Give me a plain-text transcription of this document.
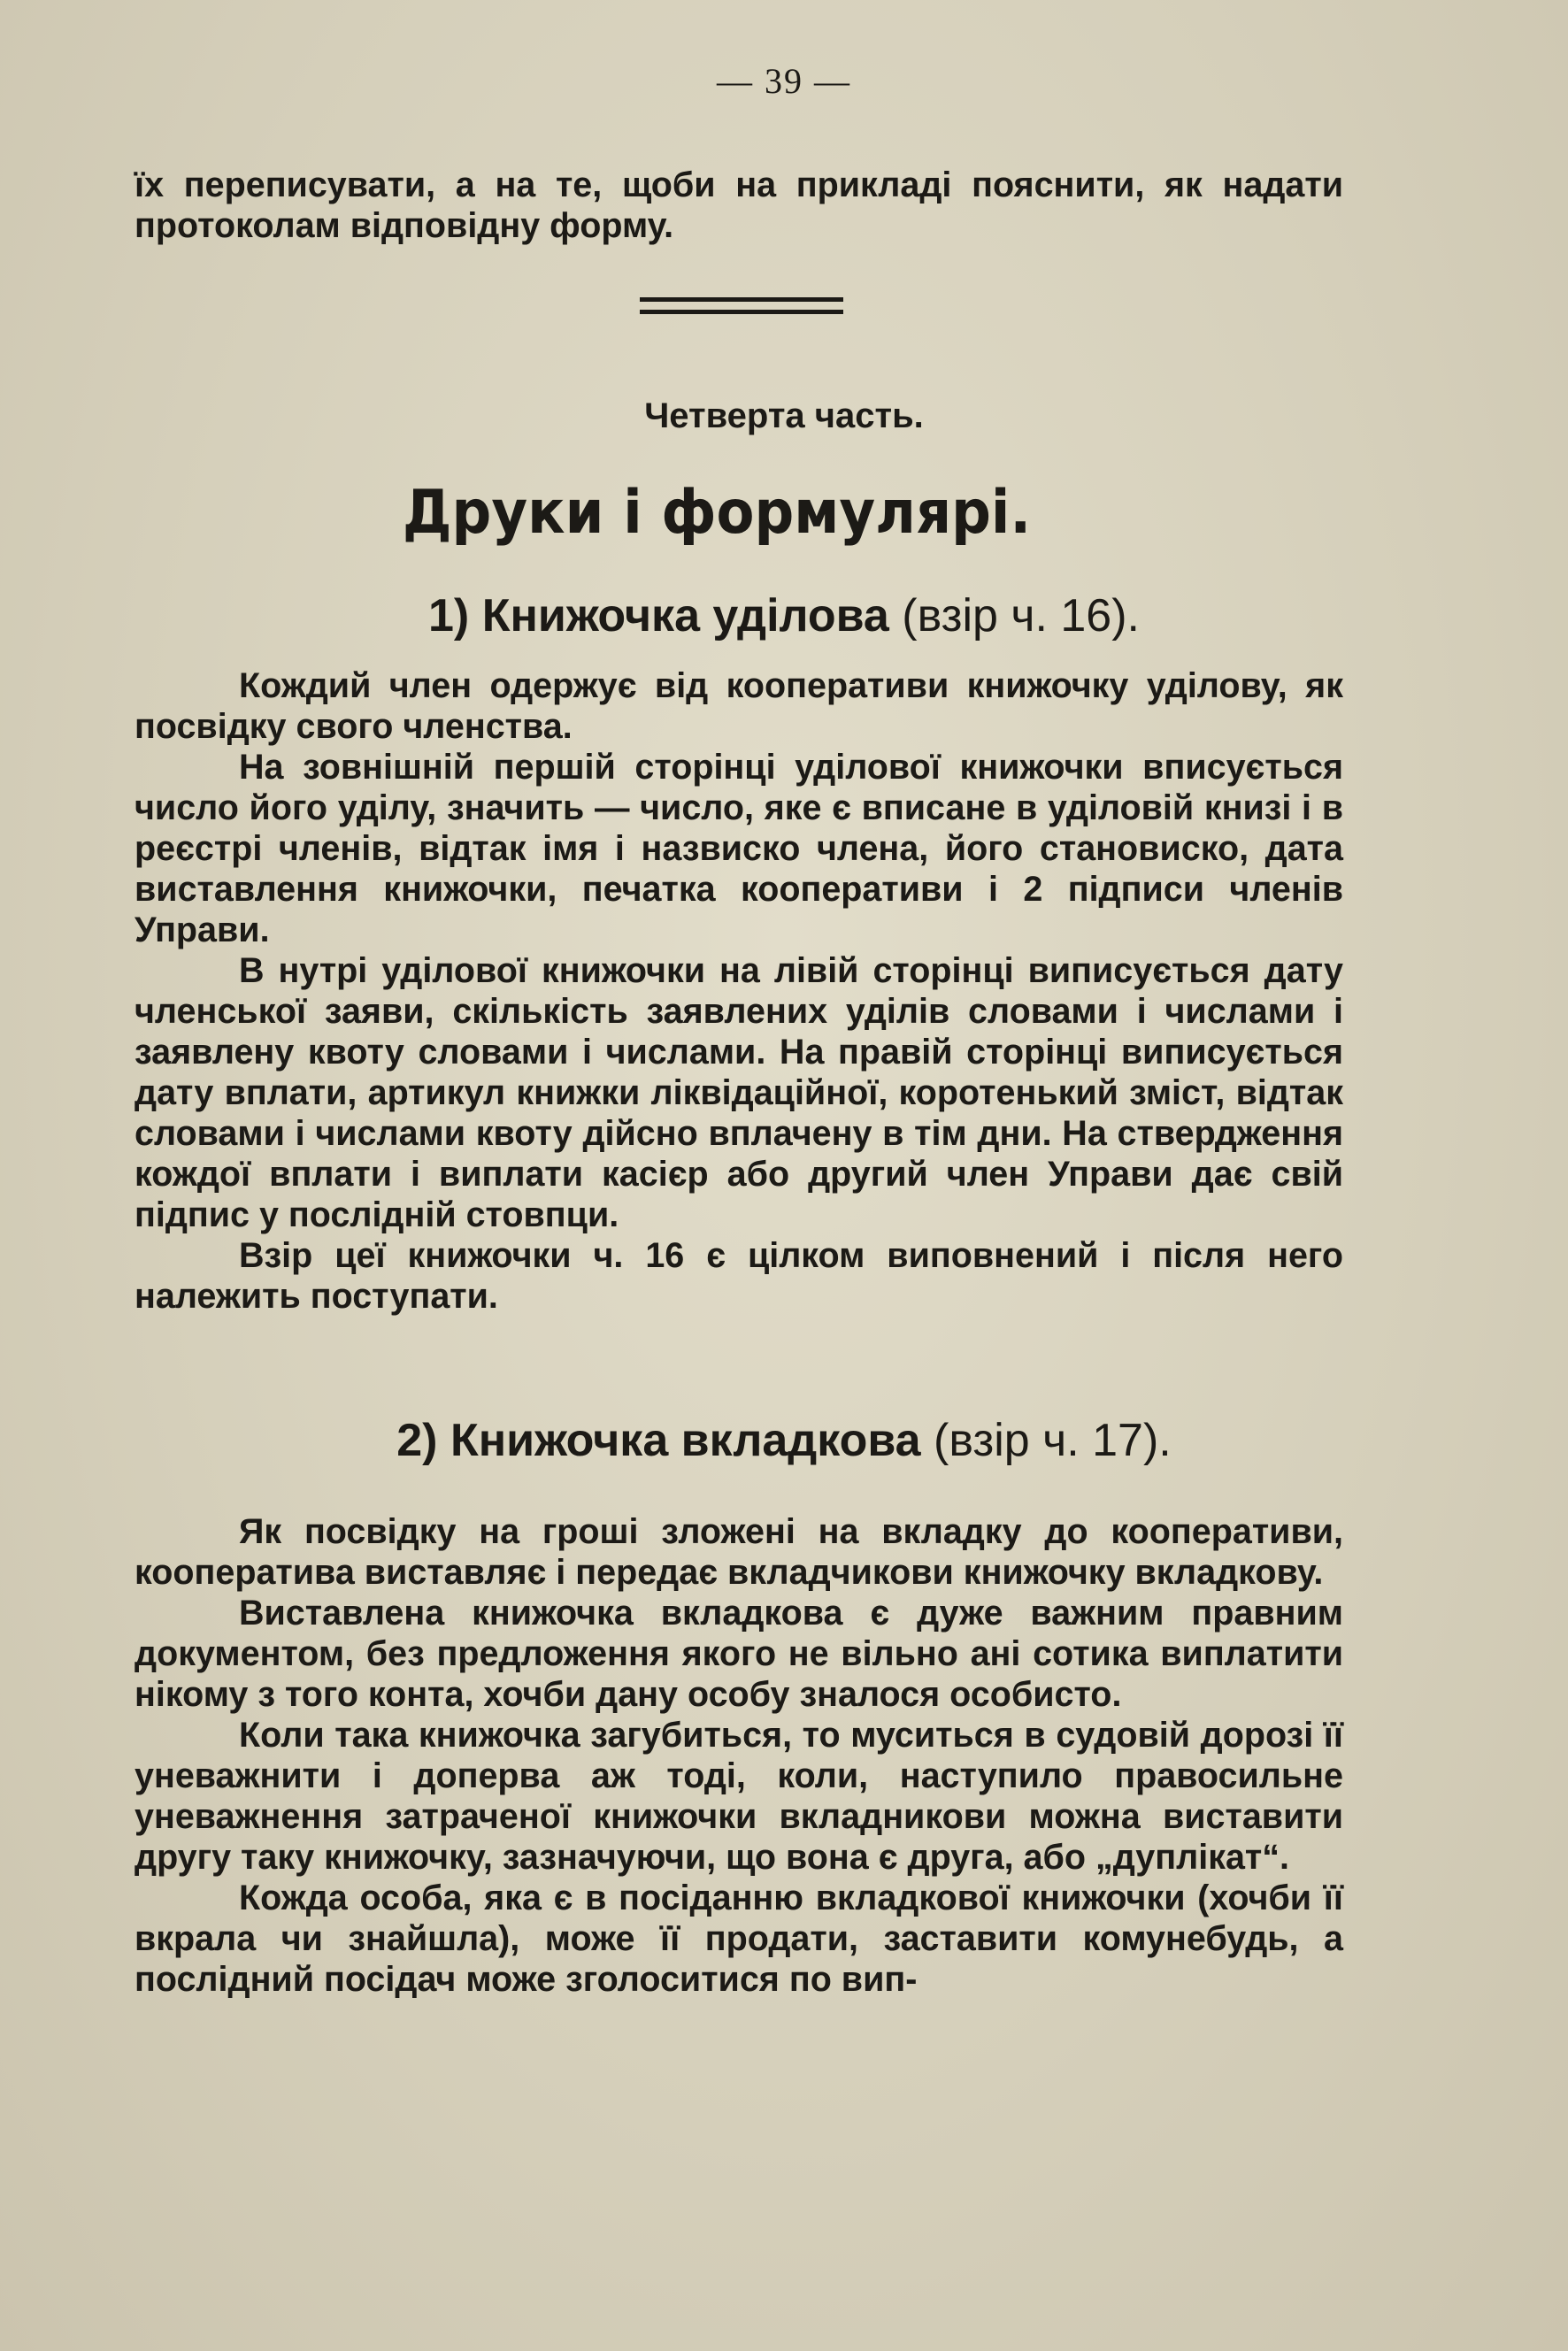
— 39 —

їх переписувати, а на те, щоби на прикладі пояснити, як надати протоколам відповідну форму.

Четверта часть.
Друки і формулярі.
1) Книжочка уділова (взір ч. 16).

Кождий член одержує від кооперативи книжочку уділову, як посвідку свого членства.

На зовнішній першій сторінці уділової книжочки вписується число його уділу, значить — число, яке є вписане в уділовій книзі і в реєстрі членів, відтак імя і назвиско члена, його становиско, дата виставлення книжочки, печатка кооперативи і 2 підписи членів Управи.

В нутрі уділової книжочки на лівій сторінці виписується дату членської заяви, скількість заявлених уділів словами і числами і заявлену квоту словами і числами. На правій сторінці виписується дату вплати, артикул книжки ліквідаційної, коротенький зміст, відтак словами і числами квоту дійсно вплачену в тім дни. На ствердження кождої вплати і виплати касієр або другий член Управи дає свій підпис у послідній стовпци.

Взір цеї книжочки ч. 16 є цілком виповнений і після него належить поступати.

2) Книжочка вкладкова (взір ч. 17).

Як посвідку на гроші зложені на вкладку до кооперативи, кооператива виставляє і передає вкладчикови книжочку вкладкову.

Виставлена книжочка вкладкова є дуже важним правним документом, без предложення якого не вільно ані сотика виплатити нікому з того конта, хочби дану особу зналося особисто.

Коли така книжочка загубиться, то муситься в судовій дорозі її уневажнити і доперва аж тоді, коли, наступило правосильне уневажнення затраченої книжочки вкладникови можна виставити другу таку книжочку, зазначуючи, що вона є друга, або „дуплікат“.

Кожда особа, яка є в посіданню вкладкової книжочки (хочби її вкрала чи знайшла), може її продати, заставити комунебудь, а послідний посідач може зголоситися по вип-
